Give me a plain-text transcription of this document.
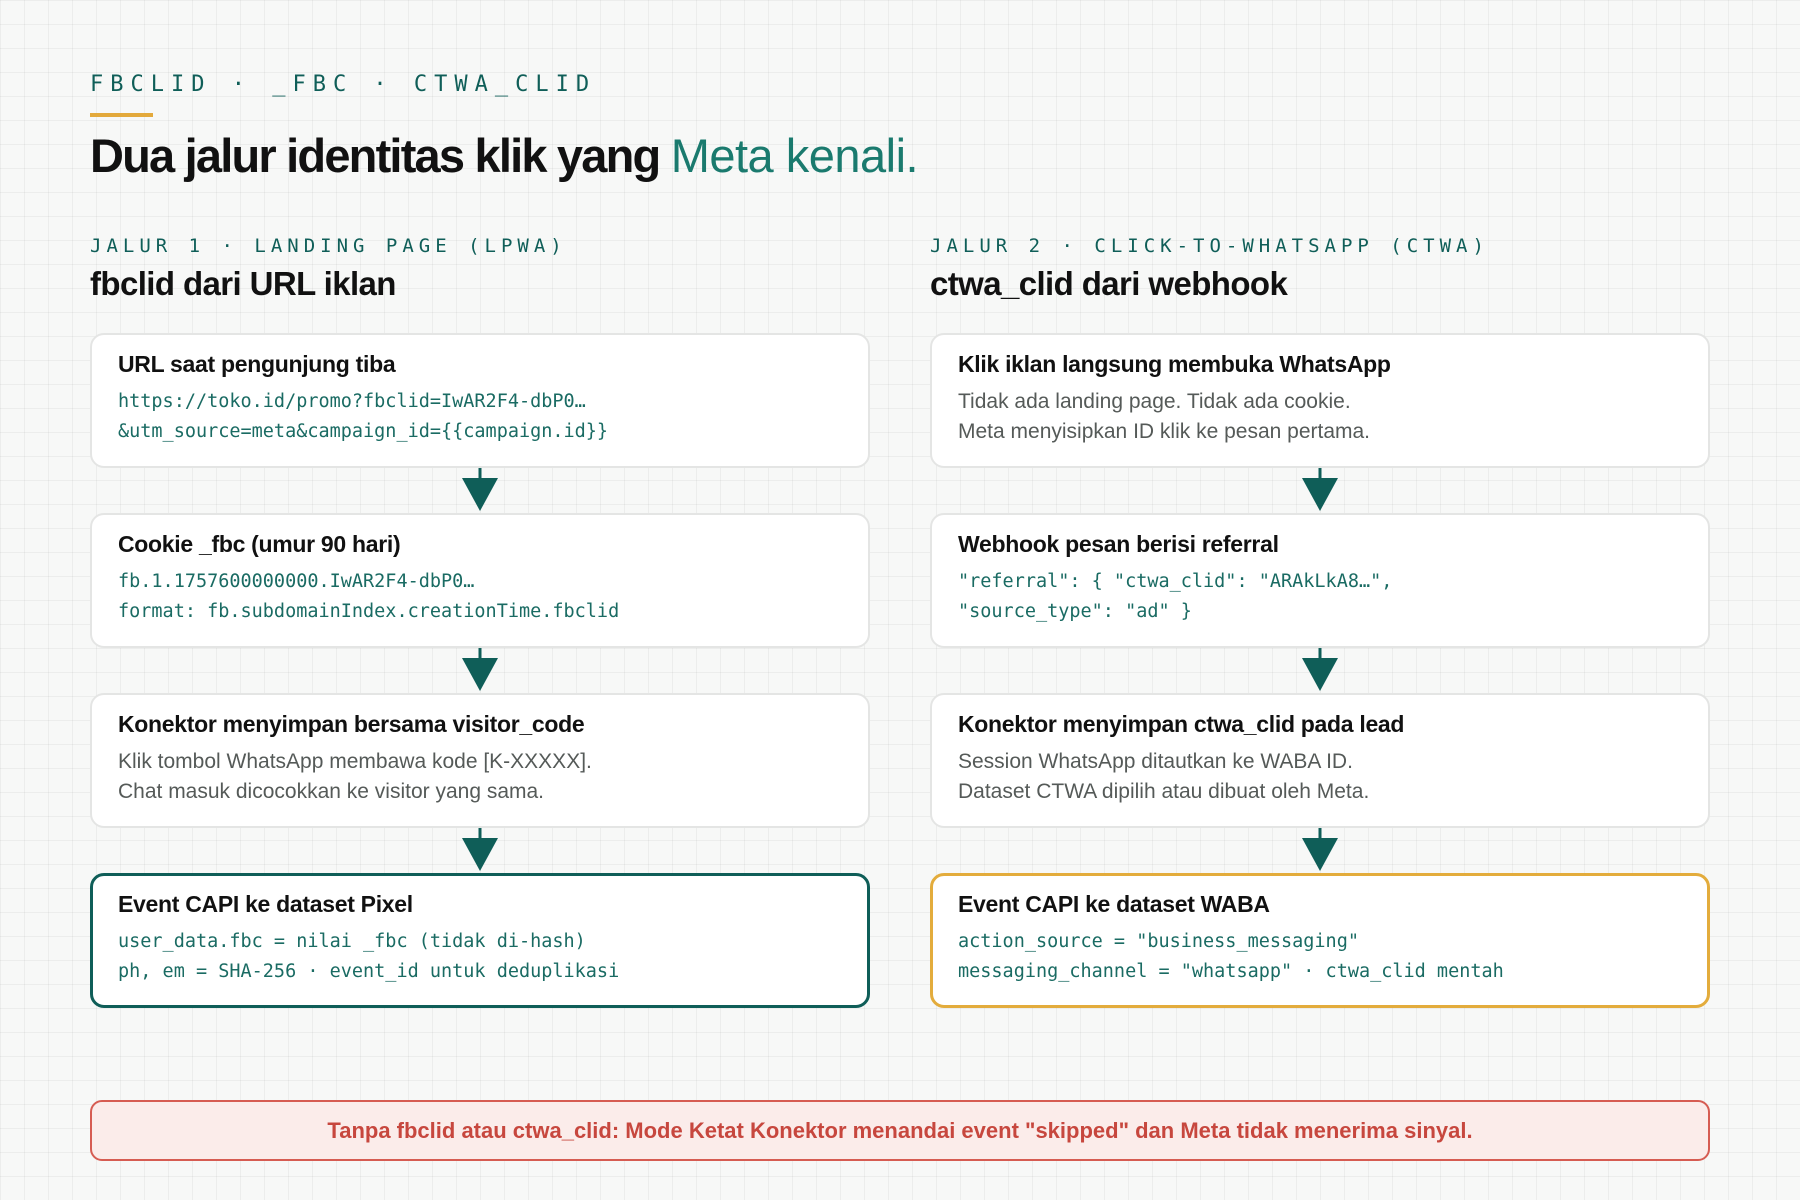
FBCLID · _FBC · CTWA_CLID
Dua jalur identitas klik yang Meta kenali.
JALUR 1 · LANDING PAGE (LPWA)
fbclid dari URL iklan
URL saat pengunjung tiba
https://toko.id/promo?fbclid=IwAR2F4-dbP0…
&utm_source=meta&campaign_id={{campaign.id}}
Cookie _fbc (umur 90 hari)
fb.1.1757600000000.IwAR2F4-dbP0…
format: fb.subdomainIndex.creationTime.fbclid
Konektor menyimpan bersama visitor_code
Klik tombol WhatsApp membawa kode [K-XXXXX].
Chat masuk dicocokkan ke visitor yang sama.
Event CAPI ke dataset Pixel
user_data.fbc = nilai _fbc (tidak di-hash)
ph, em = SHA-256 · event_id untuk deduplikasi
JALUR 2 · CLICK-TO-WHATSAPP (CTWA)
ctwa_clid dari webhook
Klik iklan langsung membuka WhatsApp
Tidak ada landing page. Tidak ada cookie.
Meta menyisipkan ID klik ke pesan pertama.
Webhook pesan berisi referral
"referral": { "ctwa_clid": "ARAkLkA8…",
"source_type": "ad" }
Konektor menyimpan ctwa_clid pada lead
Session WhatsApp ditautkan ke WABA ID.
Dataset CTWA dipilih atau dibuat oleh Meta.
Event CAPI ke dataset WABA
action_source = "business_messaging"
messaging_channel = "whatsapp" · ctwa_clid mentah
Tanpa fbclid atau ctwa_clid: Mode Ketat Konektor menandai event "skipped" dan Meta tidak menerima sinyal.
